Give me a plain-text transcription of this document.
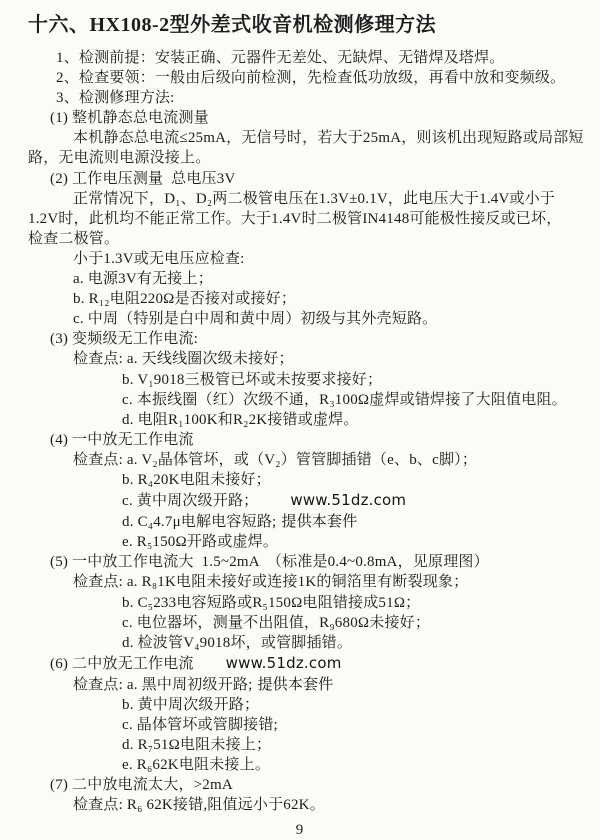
十六、HX108-2型外差式收音机检测修理方法
1、检测前提：安装正确、元器件无差处、无缺焊、无错焊及塔焊。
2、检查要领：一般由后级向前检测，先检查低功放级，再看中放和变频级。
3、检测修理方法:
(1) 整机静态总电流测量
本机静态总电流≤25mA，无信号时，若大于25mA，则该机出现短路或局部短
路，无电流则电源没接上。
(2) 工作电压测量  总电压3V
正常情况下，D₁、D₂两二极管电压在1.3V±0.1V，此电压大于1.4V或小于
1.2V时，此机均不能正常工作。大于1.4V时二极管IN4148可能极性接反或已坏，
检查二极管。
小于1.3V或无电压应检查:
a. 电源3V有无接上；
b. R₁₂电阻220Ω是否接对或接好；
c. 中周（特别是白中周和黄中周）初级与其外壳短路。
(3) 变频级无工作电流:
检查点: a. 天线线圈次级未接好；
b. V₁9018三极管已坏或未按要求接好；
c. 本振线圈（红）次级不通，R₃100Ω虚焊或错焊接了大阻值电阻。
d. 电阻R₁100K和R₂2K接错或虚焊。
(4) 一中放无工作电流
检查点: a. V₂晶体管坏，或（V₂）管管脚插错（e、b、c脚）；
b. R₄20K电阻未接好；
c. 黄中周次级开路； www.51dz.com
d. C₄4.7μ电解电容短路; 提供本套件
e. R₅150Ω开路或虚焊。
(5) 一中放工作电流大  1.5~2mA  （标准是0.4~0.8mA，见原理图）
检查点: a. R₈1K电阻未接好或连接1K的铜箔里有断裂现象；
b. C₅233电容短路或R₅150Ω电阻错接成51Ω；
c. 电位器坏，测量不出阻值，R₉680Ω未接好；
d. 检波管V₄9018坏，或管脚插错。
(6) 二中放无工作电流 www.51dz.com
检查点: a. 黑中周初级开路; 提供本套件
b. 黄中周次级开路；
c. 晶体管坏或管脚接错;
d. R₇51Ω电阻未接上；
e. R₆62K电阻未接上。
(7) 二中放电流太大，>2mA
检查点: R₆ 62K接错,阻值远小于62K。
9
